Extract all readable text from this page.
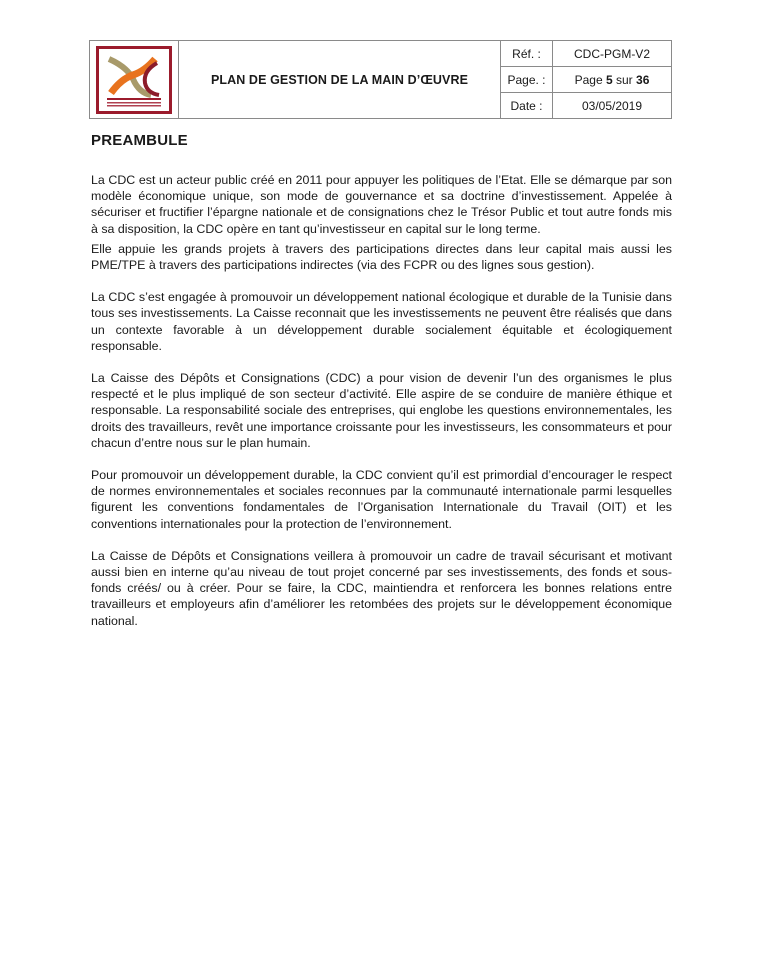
	PLAN DE GESTION DE LA MAIN D’ŒUVRE	Réf. :	CDC-PGM-V2
		Page. :	Page 5 sur 36
		Date :	03/05/2019
PREAMBULE

La CDC est un acteur public créé en 2011 pour appuyer les politiques de l’Etat. Elle se démarque par son modèle économique unique, son mode de gouvernance et sa doctrine d’investissement. Appelée à sécuriser et fructifier l’épargne nationale et de consignations chez le Trésor Public et tout autre fonds mis à sa disposition, la CDC opère en tant qu’investisseur en capital sur le long terme.

Elle appuie les grands projets à travers des participations directes dans leur capital mais aussi les PME/TPE à travers des participations indirectes (via des FCPR ou des lignes sous gestion).

La CDC s’est engagée à promouvoir un développement national écologique et durable de la Tunisie dans tous ses investissements. La Caisse reconnait que les investissements ne peuvent être réalisés que dans un contexte favorable à un développement durable socialement équitable et écologiquement responsable.

La Caisse des Dépôts et Consignations (CDC) a pour vision de devenir l’un des organismes le plus respecté et le plus impliqué de son secteur d’activité. Elle aspire de se conduire de manière éthique et responsable. La responsabilité sociale des entreprises, qui englobe les questions environnementales, les droits des travailleurs, revêt une importance croissante pour les investisseurs, les consommateurs et pour chacun d’entre nous sur le plan humain.

Pour promouvoir un développement durable, la CDC convient qu’il est primordial d’encourager le respect de normes environnementales et sociales reconnues par la communauté internationale parmi lesquelles figurent les conventions fondamentales de l’Organisation Internationale du Travail (OIT) et les conventions internationales pour la protection de l’environnement.

La Caisse de Dépôts et Consignations veillera à promouvoir un cadre de travail sécurisant et motivant aussi bien en interne qu’au niveau de tout projet concerné par ses investissements, des fonds et sous-fonds créés/ ou à créer. Pour se faire, la CDC, maintiendra et renforcera les bonnes relations entre travailleurs et employeurs afin d’améliorer les retombées des projets sur le développement économique national.
